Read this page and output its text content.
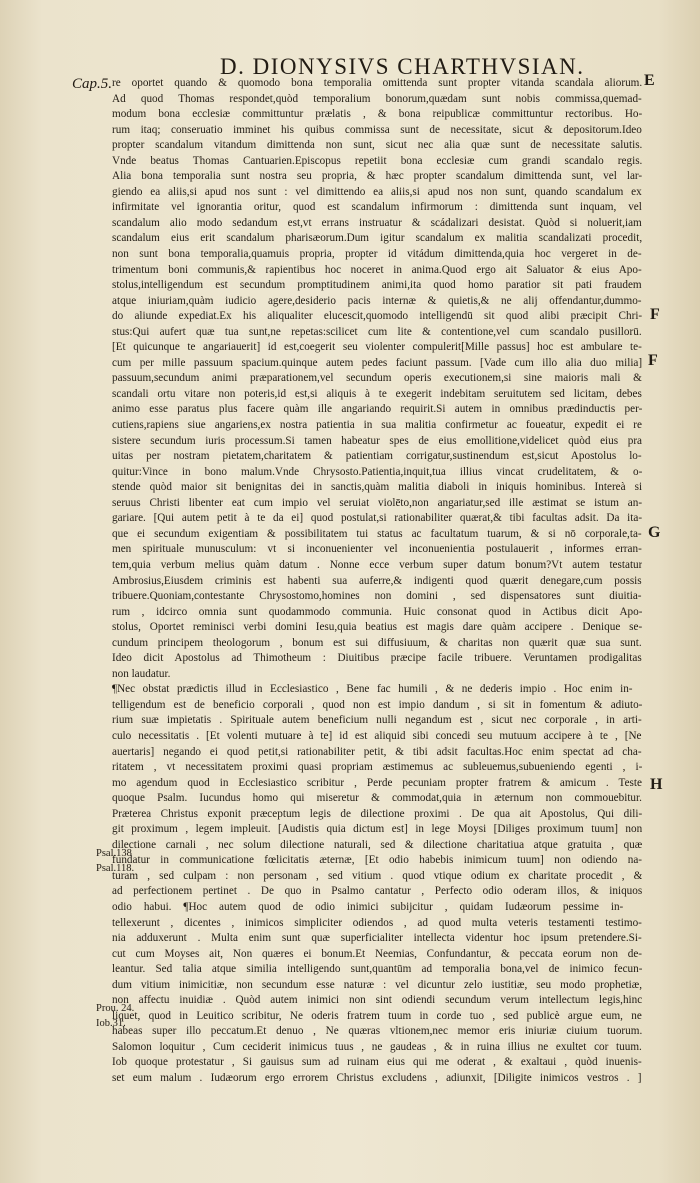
Cap.5.
D. DIONYSIVS CHARTHVSIAN.
E
F
F
G
H
Psal.138
Psal.118.
Prou. 24.
Iob.31.
re oportet quando & quomodo bona temporalia omittenda sunt propter vitanda scandala aliorum.
Ad quod Thomas respondet,quòd temporalium bonorum,quædam sunt nobis commissa,quemad-
modum bona ecclesiæ committuntur prælatis , & bona reipublicæ committuntur rectoribus. Ho-
rum itaq; conseruatio imminet his quibus commissa sunt de necessitate, sicut & depositorum.Ideo
propter scandalum vitandum dimittenda non sunt, sicut nec alia quæ sunt de necessitate salutis.
Vnde beatus Thomas Cantuarien.Episcopus repetiit bona ecclesiæ cum grandi scandalo regis.
Alia bona temporalia sunt nostra seu propria, & hæc propter scandalum dimittenda sunt, vel lar-
giendo ea aliis,si apud nos sunt : vel dimittendo ea aliis,si apud nos non sunt, quando scandalum ex
infirmitate vel ignorantia oritur, quod est scandalum infirmorum : dimittenda sunt inquam, vel
scandalum alio modo sedandum est,vt errans instruatur & scádalizari desistat. Quòd si noluerit,iam
scandalum eius erit scandalum pharisæorum.Dum igitur scandalum ex malitia scandalizati procedit,
non sunt bona temporalia,quamuis propria, propter id vitádum dimittenda,quia hoc vergeret in de-
trimentum boni communis,& rapientibus hoc noceret in anima.Quod ergo ait Saluator & eius Apo-
stolus,intelligendum est secundum promptitudinem animi,ita quod homo paratior sit pati fraudem
atque iniuriam,quàm iudicio agere,desiderio pacis internæ & quietis,& ne alij offendantur,dummo-
do aliunde expediat.Ex his aliqualiter elucescit,quomodo intelligendū sit quod alibi præcipit Chri-
stus:Qui aufert quæ tua sunt,ne repetas:scilicet cum lite & contentione,vel cum scandalo pusillorū.
[Et quicunque te angariauerit] id est,coegerit seu violenter compulerit[Mille passus] hoc est ambulare te-
cum per mille passuum spacium.quinque autem pedes faciunt passum. [Vade cum illo alia duo milia]
passuum,secundum animi præparationem,vel secundum operis executionem,si sine maioris mali &
scandali ortu vitare non poteris,id est,si aliquis à te exegerit indebitam seruitutem sed licitam, debes
animo esse paratus plus facere quàm ille angariando requirit.Si autem in omnibus prædinductis per-
cutiens,rapiens siue angariens,ex nostra patientia in sua malitia confirmetur ac foueatur, expedit ei re
sistere secundum iuris processum.Si tamen habeatur spes de eius emollitione,videlicet quòd eius pra
uitas per nostram pietatem,charitatem & patientiam corrigatur,sustinendum est,sicut Apostolus lo-
quitur:Vince in bono malum.Vnde Chrysosto.Patientia,inquit,tua illius vincat crudelitatem, & o-
stende quòd maior sit benignitas dei in sanctis,quàm malitia diaboli in iniquis hominibus. Intereà si
seruus Christi libenter eat cum impio vel seruiat violēto,non angariatur,sed ille æstimat se istum an-
gariare. [Qui autem petit à te da ei] quod postulat,si rationabiliter quærat,& tibi facultas adsit. Da ita-
que ei secundum exigentiam & possibilitatem tui status ac facultatum tuarum, & si nō corporale,ta-
men spirituale munusculum: vt si inconuenienter vel inconuenientia postulauerit , informes erran-
tem,quia verbum melius quàm datum . Nonne ecce verbum super datum bonum?Vt autem testatur
Ambrosius,Eiusdem criminis est habenti sua auferre,& indigenti quod quærit denegare,cum possis
tribuere.Quoniam,contestante Chrysostomo,homines non domini , sed dispensatores sunt diuitia-
rum , idcirco omnia sunt quodammodo communia. Huic consonat quod in Actibus dicit Apo-
stolus, Oportet reminisci verbi domini Iesu,quia beatius est magis dare quàm accipere . Denique se-
cundum principem theologorum , bonum est sui diffusiuum, & charitas non quærit quæ sua sunt.
Ideo dicit Apostolus ad Thimotheum : Diuitibus præcipe facile tribuere. Veruntamen prodigalitas
non laudatur.
¶Nec obstat prædictis illud in Ecclesiastico , Bene fac humili , & ne dederis impio . Hoc enim in-
telligendum est de beneficio corporali , quod non est impio dandum , si sit in fomentum & adiuto-
rium suæ impietatis . Spirituale autem beneficium nulli negandum est , sicut nec corporale , in arti-
culo necessitatis . [Et volenti mutuare à te] id est aliquid sibi concedi seu mutuum accipere à te , [Ne
auertaris] negando ei quod petit,si rationabiliter petit, & tibi adsit facultas.Hoc enim spectat ad cha-
ritatem , vt necessitatem proximi quasi propriam æstimemus ac subleuemus,subueniendo egenti , i-
mo agendum quod in Ecclesiastico scribitur , Perde pecuniam propter fratrem & amicum . Teste
quoque Psalm. Iucundus homo qui miseretur & commodat,quia in æternum non commouebitur.
Præterea Christus exponit præceptum legis de dilectione proximi . De qua ait Apostolus, Qui dili-
git proximum , legem impleuit. [Audistis quia dictum est] in lege Moysi [Diliges proximum tuum] non
dilectione carnali , nec solum dilectione naturali, sed & dilectione charitatiua atque gratuita , quæ
fundatur in communicatione fœlicitatis æternæ, [Et odio habebis inimicum tuum] non odiendo na-
turam , sed culpam : non personam , sed vitium . quod vtique odium ex charitate procedit , &
ad perfectionem pertinet . De quo in Psalmo cantatur , Perfecto odio oderam illos, & iniquos
odio habui. ¶Hoc autem quod de odio inimici subijcitur , quidam Iudæorum pessime in-
tellexerunt , dicentes , inimicos simpliciter odiendos , ad quod multa veteris testamenti testimo-
nia adduxerunt . Multa enim sunt quæ superficialiter intellecta videntur hoc ipsum pretendere.Si-
cut cum Moyses ait, Non quæres ei bonum.Et Neemias, Confundantur, & peccata eorum non de-
leantur. Sed talia atque similia intelligendo sunt,quantūm ad temporalia bona,vel de inimico fecun-
dum vitium inimicitiæ, non secundum esse naturæ : vel dicuntur zelo iustitiæ, seu modo prophetiæ,
non affectu inuidiæ . Quòd autem inimici non sint odiendi secundum verum intellectum legis,hinc
liquet, quod in Leuitico scribitur, Ne oderis fratrem tuum in corde tuo , sed publicè argue eum, ne
habeas super illo peccatum.Et denuo , Ne quæras vltionem,nec memor eris iniuriæ ciuium tuorum.
Salomon loquitur , Cum ceciderit inimicus tuus , ne gaudeas , & in ruina illius ne exultet cor tuum.
Iob quoque protestatur , Si gauisus sum ad ruinam eius qui me oderat , & exaltaui , quòd inuenis-
set eum malum . Iudæorum ergo errorem Christus excludens , adiunxit, [Diligite inimicos vestros . ]
